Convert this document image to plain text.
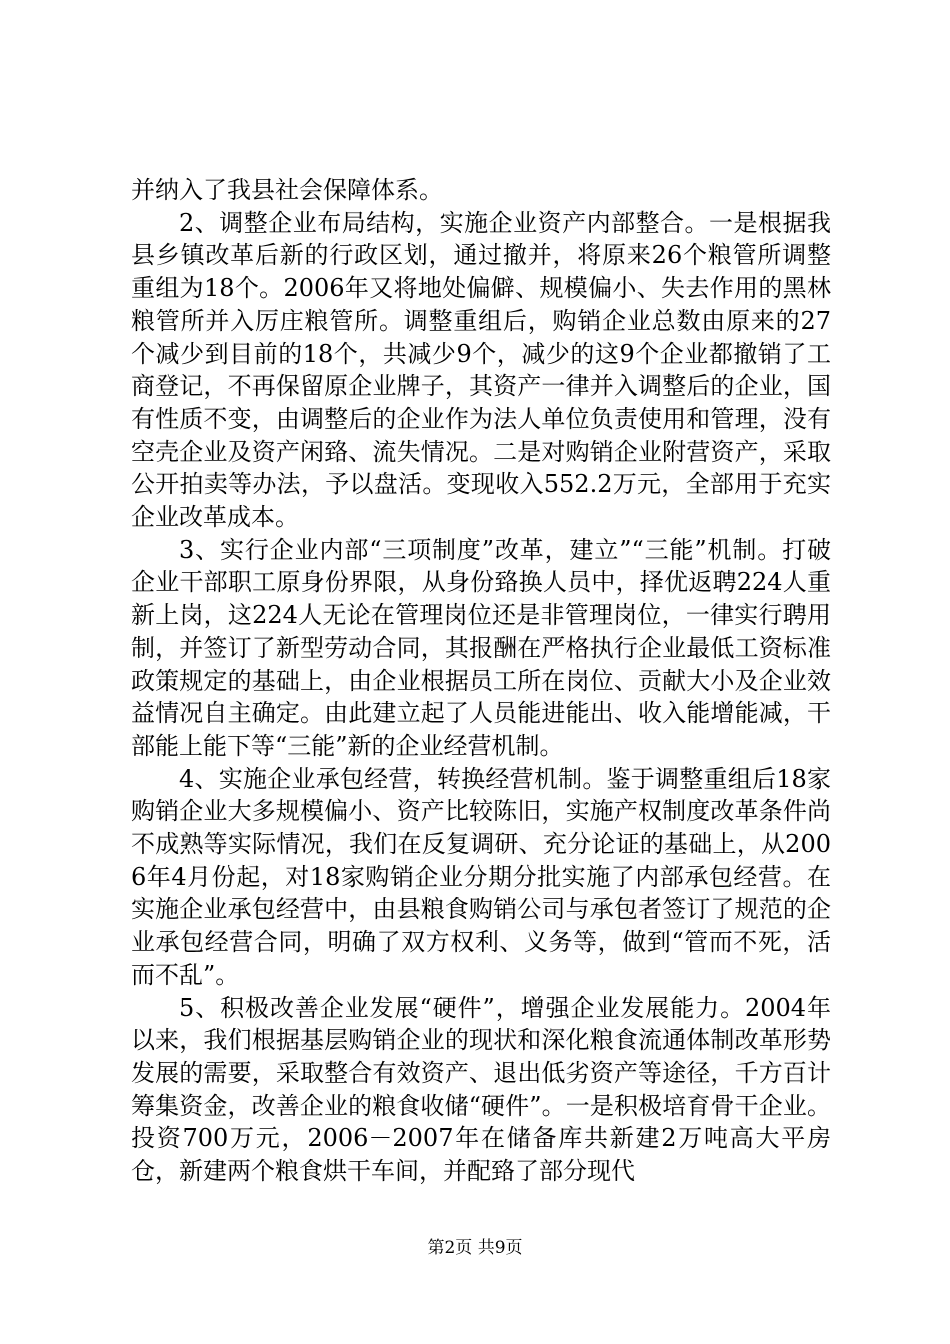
并纳入了我县社会保障体系。

2、调整企业布局结构，实施企业资产内部整合。一是根据我县乡镇改革后新的行政区划，通过撤并，将原来26个粮管所调整重组为18个。2006年又将地处偏僻、规模偏小、失去作用的黑林粮管所并入厉庄粮管所。调整重组后，购销企业总数由原来的27个减少到目前的18个，共减少9个，减少的这9个企业都撤销了工商登记，不再保留原企业牌子，其资产一律并入调整后的企业，国有性质不变，由调整后的企业作为法人单位负责使用和管理，没有空壳企业及资产闲臵、流失情况。二是对购销企业附营资产，采取公开拍卖等办法，予以盘活。变现收入552.2万元，全部用于充实企业改革成本。

3、实行企业内部“三项制度”改革，建立”“三能”机制。打破企业干部职工原身份界限，从身份臵换人员中，择优返聘224人重新上岗，这224人无论在管理岗位还是非管理岗位，一律实行聘用制，并签订了新型劳动合同，其报酬在严格执行企业最低工资标准政策规定的基础上，由企业根据员工所在岗位、贡献大小及企业效益情况自主确定。由此建立起了人员能进能出、收入能增能减，干部能上能下等“三能”新的企业经营机制。

4、实施企业承包经营，转换经营机制。鉴于调整重组后18家购销企业大多规模偏小、资产比较陈旧，实施产权制度改革条件尚不成熟等实际情况，我们在反复调研、充分论证的基础上，从2006年4月份起，对18家购销企业分期分批实施了内部承包经营。在实施企业承包经营中，由县粮食购销公司与承包者签订了规范的企业承包经营合同，明确了双方权利、义务等，做到“管而不死，活而不乱”。

5、积极改善企业发展“硬件”，增强企业发展能力。2004年以来，我们根据基层购销企业的现状和深化粮食流通体制改革形势发展的需要，采取整合有效资产、退出低劣资产等途径，千方百计筹集资金，改善企业的粮食收储“硬件”。一是积极培育骨干企业。投资700万元，2006－2007年在储备库共新建2万吨高大平房仓，新建两个粮食烘干车间，并配臵了部分现代

第2页 共9页
